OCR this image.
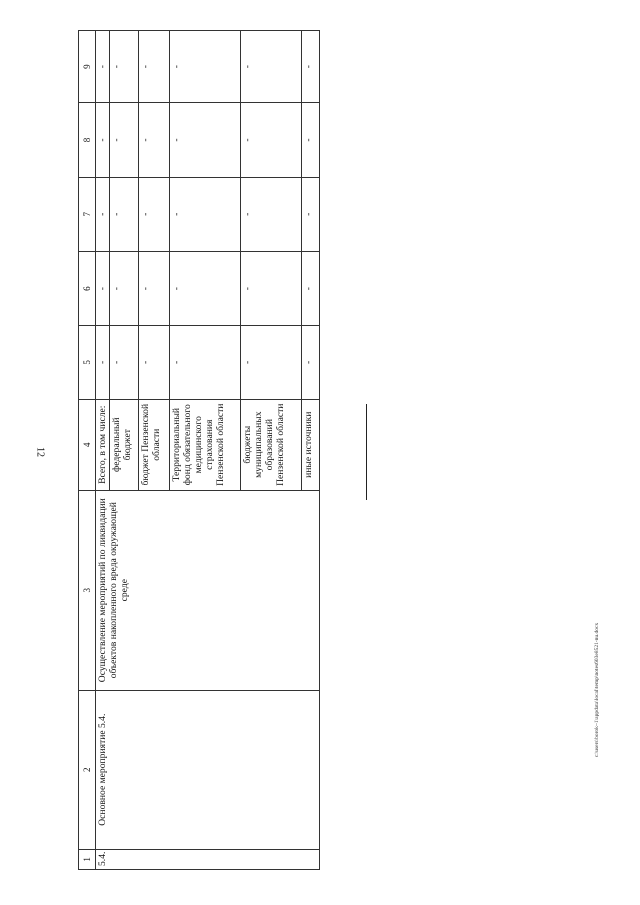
12
c:\users\borok~1\appdata\local\temp\notes603e8521-nu.docx
1	2	3	4	5	6	7	8	9
5.4.	Основное мероприятие 5.4.	Осуществление мероприятий по ликвидации объектов накопленного вреда окружающей среде	Всего, в том числе:	-	-	-	-	-
			федеральный бюджет	-	-	-	-	-
			бюджет Пензенской области	-	-	-	-	-
			Территориальный фонд обязательного медицинского страхования Пензенской области	-	-	-	-	-
			бюджеты муниципальных образований Пензенской области	-	-	-	-	-
			иные источники	-	-	-	-	-
